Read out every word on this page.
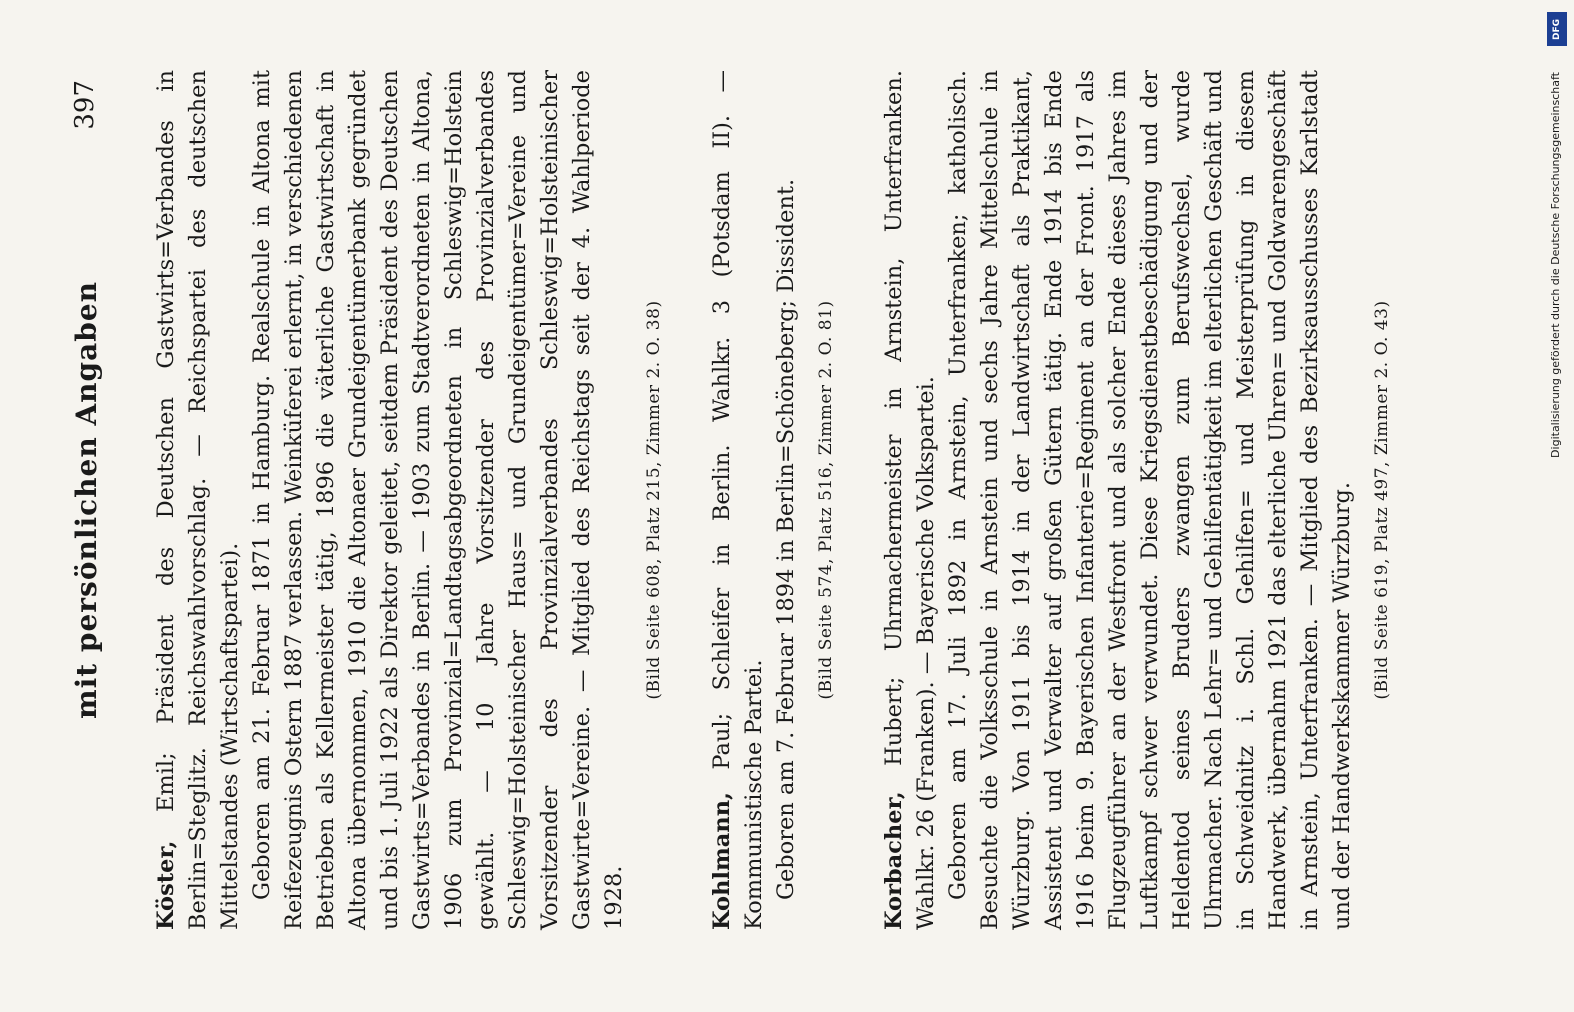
mit persönlichen Angaben
397

Köster, Emil; Präsident des Deutschen Gastwirts=Verbandes in Berlin=Steglitz. Reichswahlvorschlag. — Reichspartei des deutschen Mittelstandes (Wirtschaftspartei). Geboren am 21. Februar 1871 in Hamburg. Realschule in Altona mit Reifezeugnis Ostern 1887 verlassen. Weinküferei erlernt, in verschiedenen Betrieben als Kellermeister tätig, 1896 die väterliche Gastwirtschaft in Altona übernommen, 1910 die Altonaer Grundeigentümerbank gegründet und bis 1. Juli 1922 als Direktor geleitet, seitdem Präsident des Deutschen Gastwirts=Verbandes in Berlin. — 1903 zum Stadtverordneten in Altona, 1906 zum Provinzial=Landtagsabgeordneten in Schleswig=Holstein gewählt. — 10 Jahre Vorsitzender des Provinzialverbandes Schleswig=Holsteinischer Haus= und Grundeigentümer=Vereine und Vorsitzender des Provinzialverbandes Schleswig=Holsteinischer Gastwirte=Vereine. — Mitglied des Reichstags seit der 4. Wahlperiode 1928.

(Bild Seite 608, Platz 215, Zimmer 2. O. 38)

Kohlmann, Paul; Schleifer in Berlin. Wahlkr. 3 (Potsdam II). — Kommunistische Partei. Geboren am 7. Februar 1894 in Berlin=Schöneberg; Dissident. (Bild Seite 574, Platz 516, Zimmer 2. O. 81)

Korbacher, Hubert; Uhrmachermeister in Arnstein, Unterfranken. Wahlkr. 26 (Franken). — Bayerische Volkspartei. Geboren am 17. Juli 1892 in Arnstein, Unterfranken; katholisch. Besuchte die Volksschule in Arnstein und sechs Jahre Mittelschule in Würzburg. Von 1911 bis 1914 in der Landwirtschaft als Praktikant, Assistent und Verwalter auf großen Gütern tätig. Ende 1914 bis Ende 1916 beim 9. Bayerischen Infanterie=Regiment an der Front. 1917 als Flugzeugführer an der Westfront und als solcher Ende dieses Jahres im Luftkampf schwer verwundet. Diese Kriegsdienstbeschädigung und der Heldentod seines Bruders zwangen zum Berufswechsel, wurde Uhrmacher. Nach Lehr= und Gehilfentätigkeit im elterlichen Geschäft und in Schweidnitz i. Schl. Gehilfen= und Meisterprüfung in diesem Handwerk, übernahm 1921 das elterliche Uhren= und Goldwarengeschäft in Arnstein, Unterfranken. — Mitglied des Bezirksausschusses Karlstadt und der Handwerkskammer Würzburg. (Bild Seite 619, Platz 497, Zimmer 2. O. 43)
DFG
Digitalisierung gefördert durch die Deutsche Forschungsgemeinschaft
